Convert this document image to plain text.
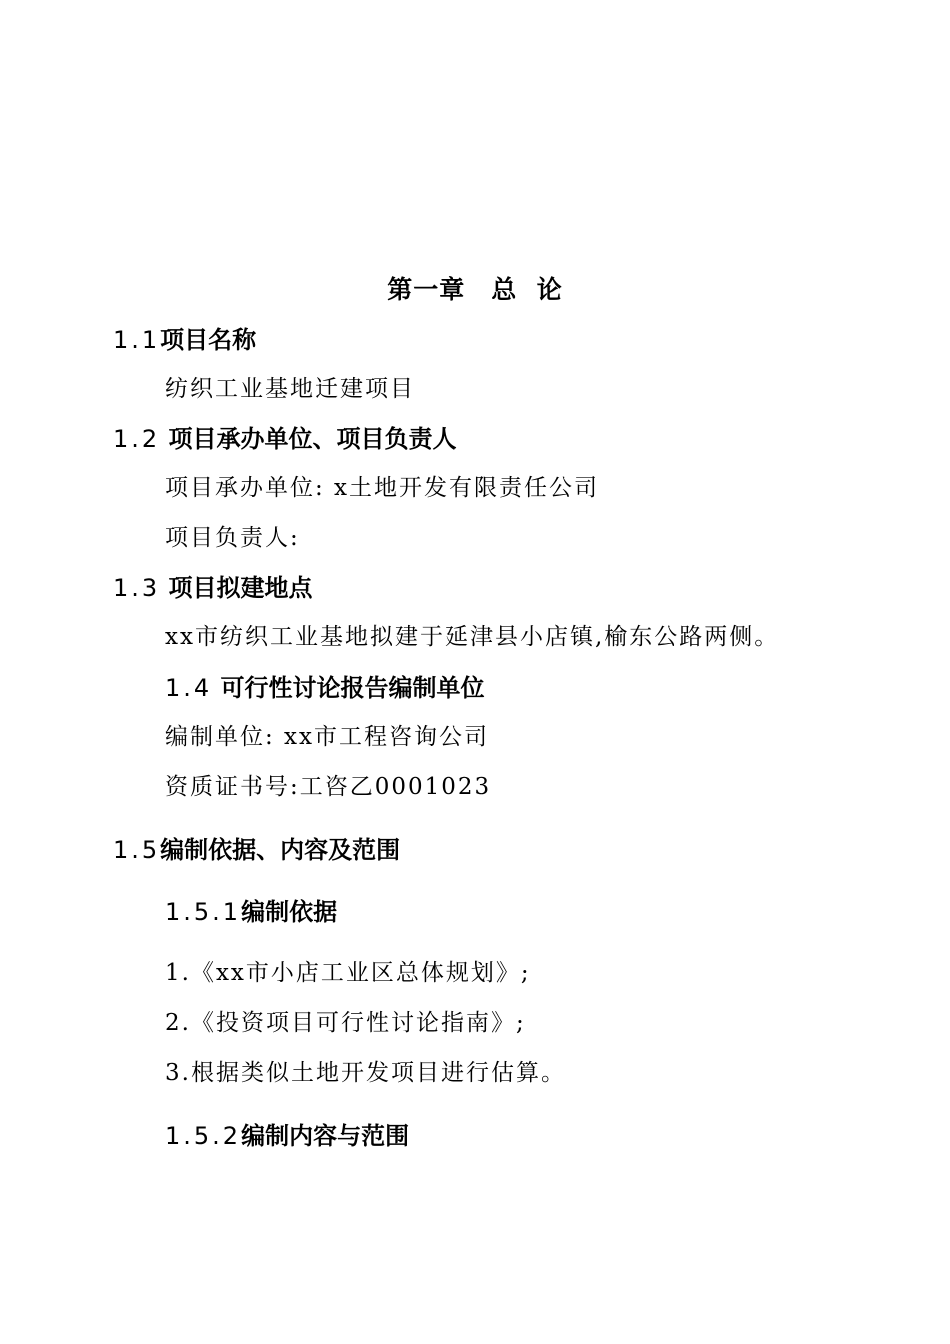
第一章 总  论
1.1项目名称
纺织工业基地迁建项目
1.2 项目承办单位、项目负责人
项目承办单位: x土地开发有限责任公司
项目负责人:
1.3 项目拟建地点
xx市纺织工业基地拟建于延津县小店镇,榆东公路两侧。
1.4 可行性讨论报告编制单位
编制单位: xx市工程咨询公司
资质证书号:工咨乙0001023
1.5编制依据、内容及范围
1.5.1编制依据
1.《xx市小店工业区总体规划》;
2.《投资项目可行性讨论指南》;
3.根据类似土地开发项目进行估算。
1.5.2编制内容与范围
